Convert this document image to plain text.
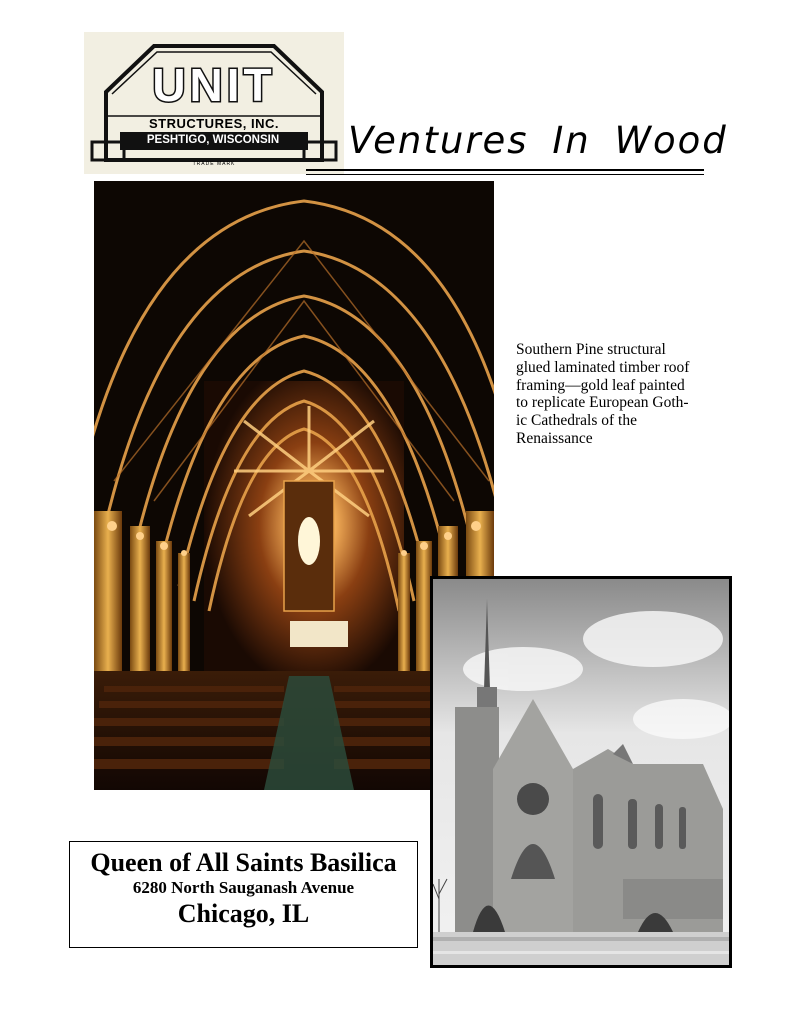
UNIT
STRUCTURES, INC.
PESHTIGO, WISCONSIN
TRADE MARK
Ventures In Wood
Southern Pine structural
glued laminated timber roof
framing—gold leaf painted
to replicate European Goth-
ic Cathedrals of the
Renaissance
Queen of All Saints Basilica
6280 North Sauganash Avenue
Chicago, IL
